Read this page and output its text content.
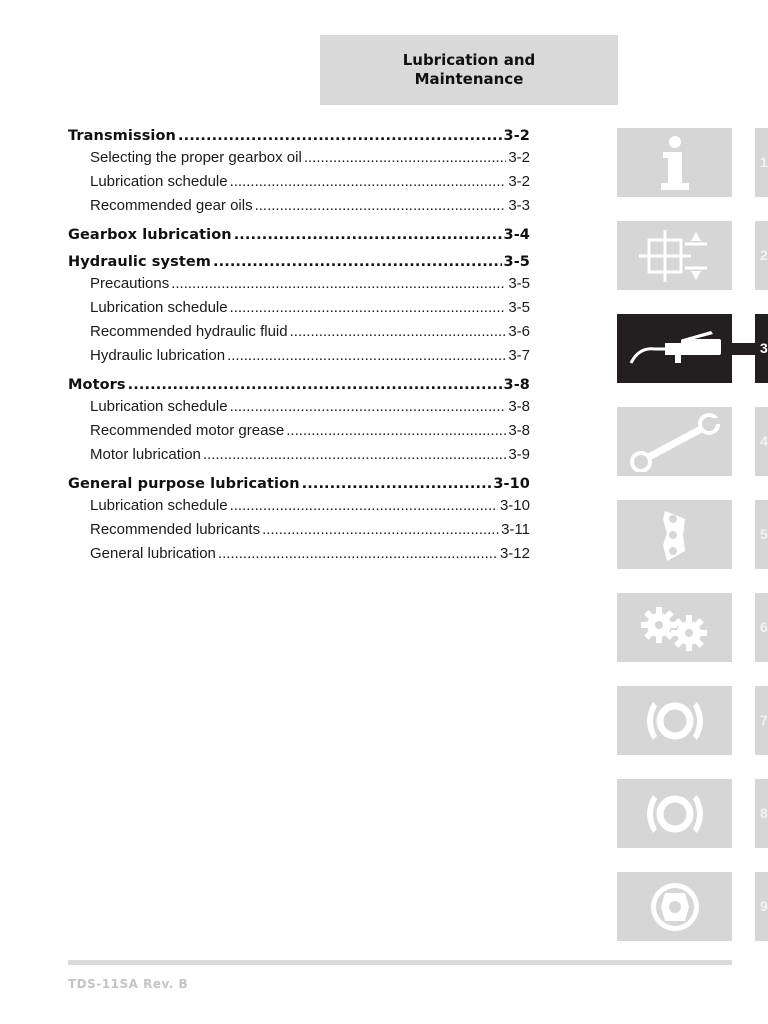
Lubrication and
Maintenance
Transmission .....	3-2
Selecting the proper gearbox oil .....	3-2
Lubrication schedule .....	3-2
Recommended gear oils .....	3-3
Gearbox lubrication .....	3-4
Hydraulic system .....	3-5
Precautions .....	3-5
Lubrication schedule .....	3-5
Recommended hydraulic fluid .....	3-6
Hydraulic lubrication .....	3-7
Motors .....	3-8
Lubrication schedule .....	3-8
Recommended motor grease .....	3-8
Motor lubrication .....	3-9
General purpose lubrication .....	3-10
Lubrication schedule .....	3-10
Recommended lubricants .....	3-11
General lubrication .....	3-12
1
2
3
4
5
6
7
8
9
TDS-11SA Rev. B
